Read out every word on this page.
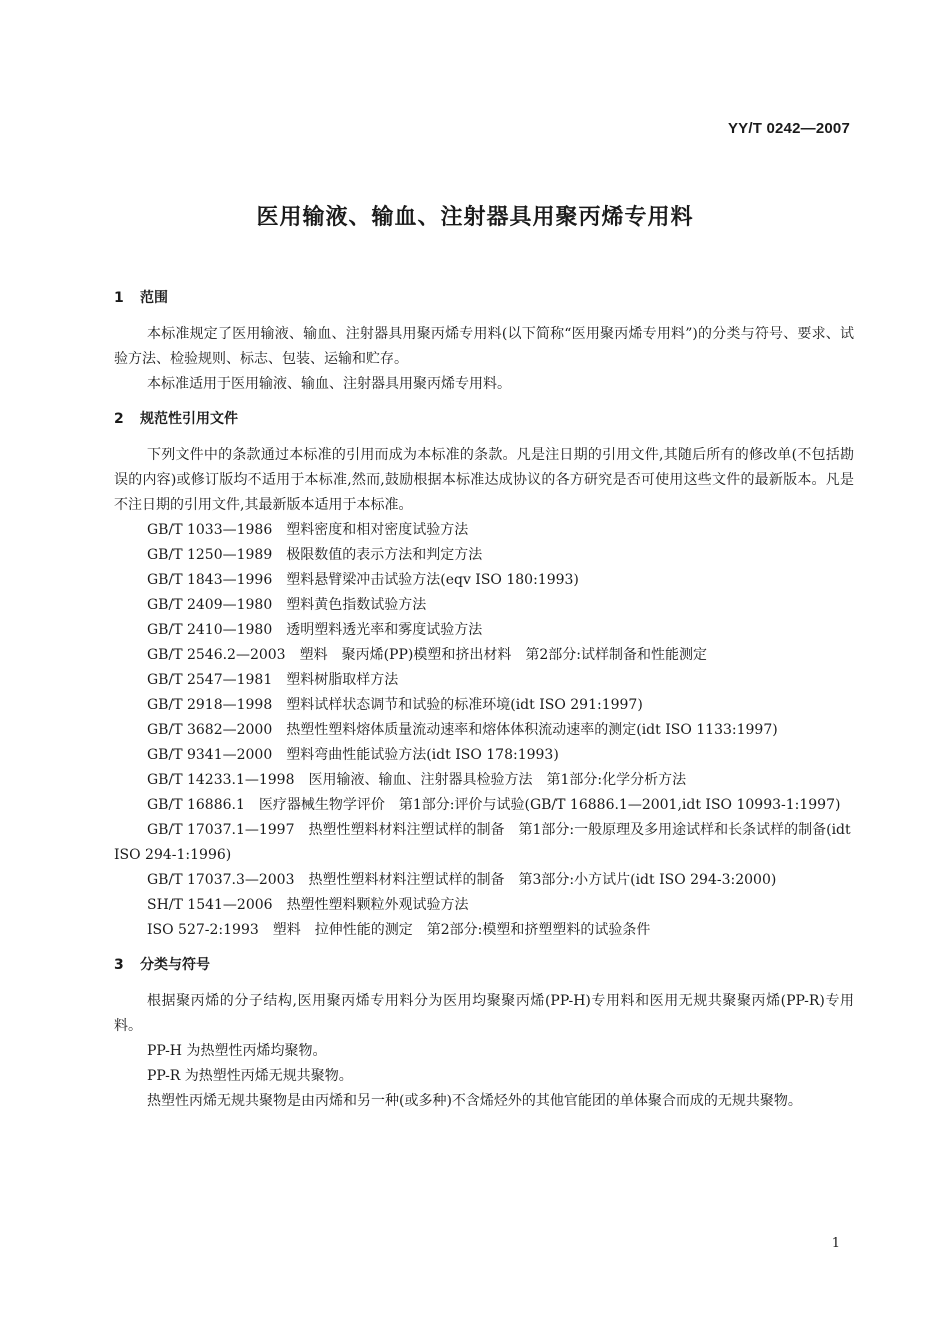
YY/T 0242—2007
医用输液、输血、注射器具用聚丙烯专用料
1 范围

本标准规定了医用输液、输血、注射器具用聚丙烯专用料(以下简称“医用聚丙烯专用料”)的分类与符号、要求、试验方法、检验规则、标志、包装、运输和贮存。

本标准适用于医用输液、输血、注射器具用聚丙烯专用料。

2 规范性引用文件

下列文件中的条款通过本标准的引用而成为本标准的条款。凡是注日期的引用文件,其随后所有的修改单(不包括勘误的内容)或修订版均不适用于本标准,然而,鼓励根据本标准达成协议的各方研究是否可使用这些文件的最新版本。凡是不注日期的引用文件,其最新版本适用于本标准。

GB/T 1033—1986 塑料密度和相对密度试验方法

GB/T 1250—1989 极限数值的表示方法和判定方法

GB/T 1843—1996 塑料悬臂梁冲击试验方法(eqv ISO 180:1993)

GB/T 2409—1980 塑料黄色指数试验方法

GB/T 2410—1980 透明塑料透光率和雾度试验方法

GB/T 2546.2—2003 塑料　聚丙烯(PP)模塑和挤出材料　第2部分:试样制备和性能测定

GB/T 2547—1981 塑料树脂取样方法

GB/T 2918—1998 塑料试样状态调节和试验的标准环境(idt ISO 291:1997)

GB/T 3682—2000 热塑性塑料熔体质量流动速率和熔体体积流动速率的测定(idt ISO 1133:1997)

GB/T 9341—2000 塑料弯曲性能试验方法(idt ISO 178:1993)

GB/T 14233.1—1998 医用输液、输血、注射器具检验方法　第1部分:化学分析方法

GB/T 16886.1 医疗器械生物学评价　第1部分:评价与试验(GB/T 16886.1—2001,idt ISO 10993-1:1997)

GB/T 17037.1—1997 热塑性塑料材料注塑试样的制备　第1部分:一般原理及多用途试样和长条试样的制备(idt ISO 294-1:1996)

GB/T 17037.3—2003 热塑性塑料材料注塑试样的制备　第3部分:小方试片(idt ISO 294-3:2000)

SH/T 1541—2006 热塑性塑料颗粒外观试验方法

ISO 527-2:1993 塑料　拉伸性能的测定　第2部分:模塑和挤塑塑料的试验条件

3 分类与符号

根据聚丙烯的分子结构,医用聚丙烯专用料分为医用均聚聚丙烯(PP-H)专用料和医用无规共聚聚丙烯(PP-R)专用料。

PP-H 为热塑性丙烯均聚物。

PP-R 为热塑性丙烯无规共聚物。

热塑性丙烯无规共聚物是由丙烯和另一种(或多种)不含烯烃外的其他官能团的单体聚合而成的无规共聚物。

1
